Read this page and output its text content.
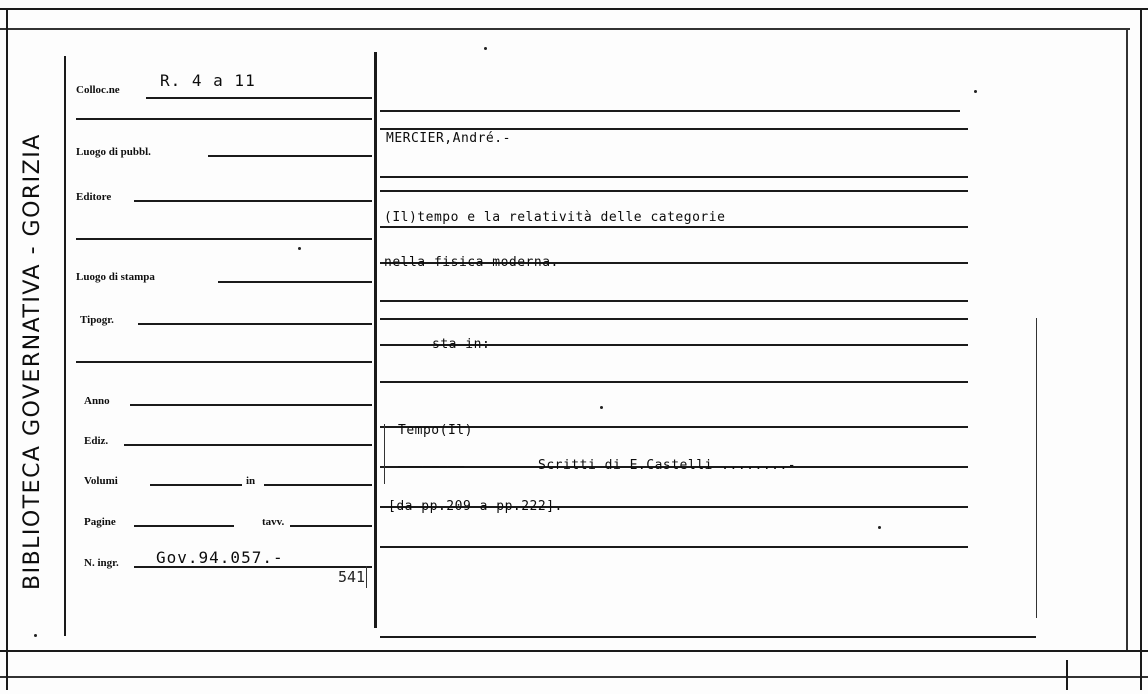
BIBLIOTECA GOVERNATIVA - GORIZIA
Colloc.ne	R. 4 a 11
Luogo di pubbl.
Editore
Luogo di stampa
Tipogr.
Anno
Ediz.
Volumi	in
Pagine	tavv.
N. ingr. Gov.94.057.-
541
MERCIER,André.-
(Il)tempo e la relatività delle categorie
nella fisica moderna.
sta in:
Tempo(Il)
________	Scritti di E.Castelli ........-
[da pp.209 a pp.222].
